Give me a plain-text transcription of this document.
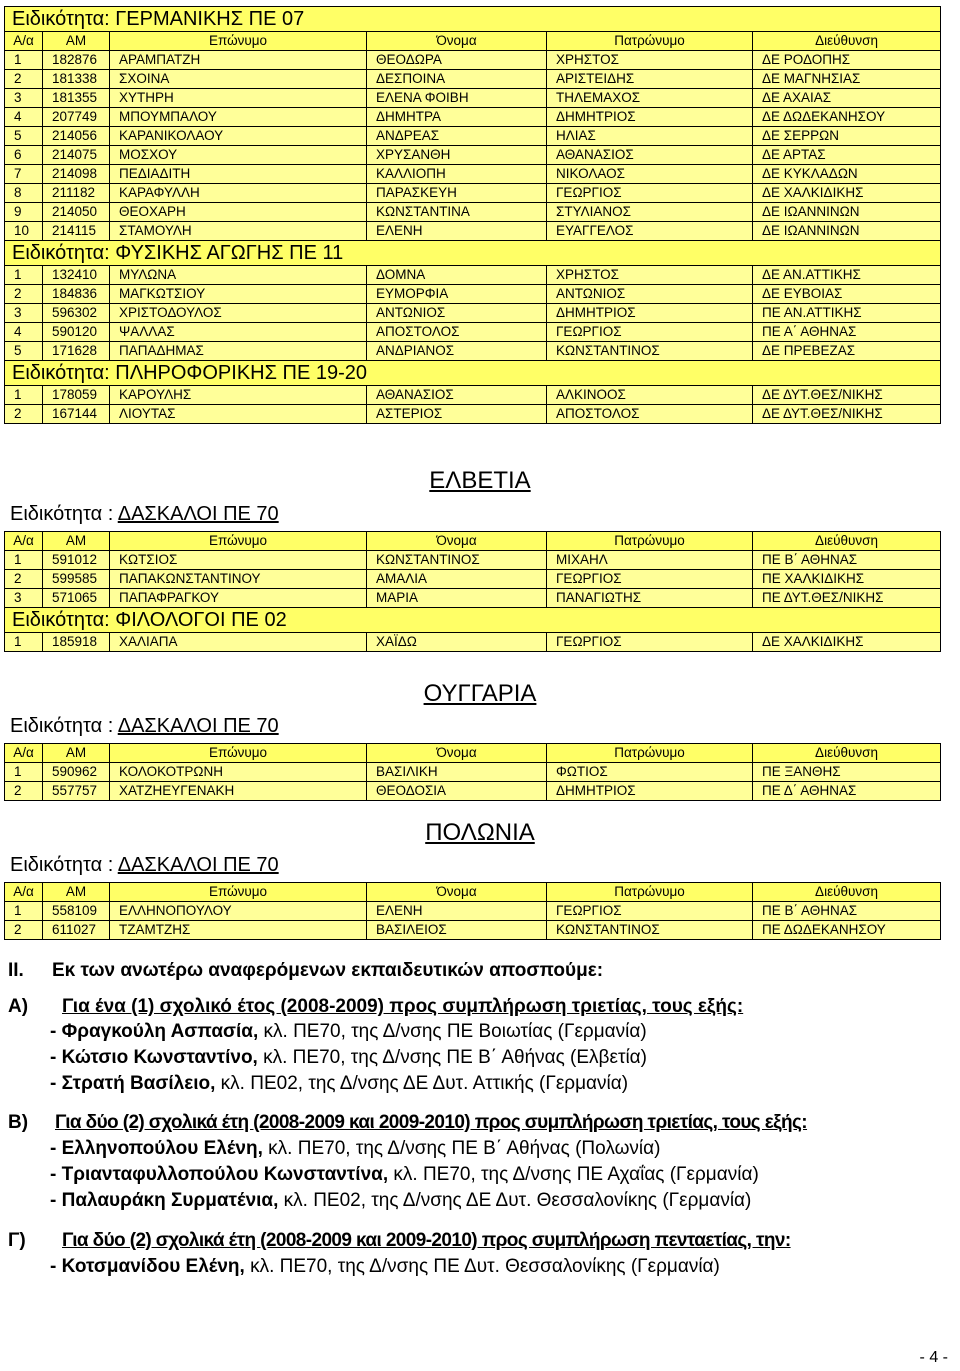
Ειδικότητα: ΓΕΡΜΑΝΙΚΗΣ ΠΕ 07					
Α/α	ΑΜ	Επώνυμο	Όνομα	Πατρώνυμο	Διεύθυνση
1	182876	ΑΡΑΜΠΑΤΖΗ	ΘΕΟΔΩΡΑ	ΧΡΗΣΤΟΣ	ΔΕ ΡΟΔΟΠΗΣ
2	181338	ΣΧΟΙΝΑ	ΔΕΣΠΟΙΝΑ	ΑΡΙΣΤΕΙΔΗΣ	ΔΕ ΜΑΓΝΗΣΙΑΣ
3	181355	ΧΥΤΗΡΗ	ΕΛΕΝΑ ΦΟΙΒΗ	ΤΗΛΕΜΑΧΟΣ	ΔΕ ΑΧΑΙΑΣ
4	207749	ΜΠΟΥΜΠΑΛΟΥ	ΔΗΜΗΤΡΑ	ΔΗΜΗΤΡΙΟΣ	ΔΕ ΔΩΔΕΚΑΝΗΣΟΥ
5	214056	ΚΑΡΑΝΙΚΟΛΑΟΥ	ΑΝΔΡΕΑΣ	ΗΛΙΑΣ	ΔΕ ΣΕΡΡΩΝ
6	214075	ΜΟΣΧΟΥ	ΧΡΥΣΑΝΘΗ	ΑΘΑΝΑΣΙΟΣ	ΔΕ ΑΡΤΑΣ
7	214098	ΠΕΔΙΑΔΙΤΗ	ΚΑΛΛΙΟΠΗ	ΝΙΚΟΛΑΟΣ	ΔΕ ΚΥΚΛΑΔΩΝ
8	211182	ΚΑΡΑΦΥΛΛΗ	ΠΑΡΑΣΚΕΥΗ	ΓΕΩΡΓΙΟΣ	ΔΕ ΧΑΛΚΙΔΙΚΗΣ
9	214050	ΘΕΟΧΑΡΗ	ΚΩΝΣΤΑΝΤΙΝΑ	ΣΤΥΛΙΑΝΟΣ	ΔΕ ΙΩΑΝΝΙΝΩΝ
10	214115	ΣΤΑΜΟΥΛΗ	ΕΛΕΝΗ	ΕΥΑΓΓΕΛΟΣ	ΔΕ ΙΩΑΝΝΙΝΩΝ
Ειδικότητα: ΦΥΣΙΚΗΣ ΑΓΩΓΗΣ ΠΕ 11					
1	132410	ΜΥΛΩΝΑ	ΔΟΜΝΑ	ΧΡΗΣΤΟΣ	ΔΕ ΑΝ.ΑΤΤΙΚΗΣ
2	184836	ΜΑΓΚΩΤΣΙΟΥ	ΕΥΜΟΡΦΙΑ	ΑΝΤΩΝΙΟΣ	ΔΕ ΕΥΒΟΙΑΣ
3	596302	ΧΡΙΣΤΟΔΟΥΛΟΣ	ΑΝΤΩΝΙΟΣ	ΔΗΜΗΤΡΙΟΣ	ΠΕ ΑΝ.ΑΤΤΙΚΗΣ
4	590120	ΨΑΛΛΑΣ	ΑΠΟΣΤΟΛΟΣ	ΓΕΩΡΓΙΟΣ	ΠΕ Α΄ ΑΘΗΝΑΣ
5	171628	ΠΑΠΑΔΗΜΑΣ	ΑΝΔΡΙΑΝΟΣ	ΚΩΝΣΤΑΝΤΙΝΟΣ	ΔΕ ΠΡΕΒΕΖΑΣ
Ειδικότητα: ΠΛΗΡΟΦΟΡΙΚΗΣ ΠΕ 19-20					
1	178059	ΚΑΡΟΥΛΗΣ	ΑΘΑΝΑΣΙΟΣ	ΑΛΚΙΝΟΟΣ	ΔΕ ΔΥΤ.ΘΕΣ/ΝΙΚΗΣ
2	167144	ΛΙΟΥΤΑΣ	ΑΣΤΕΡΙΟΣ	ΑΠΟΣΤΟΛΟΣ	ΔΕ ΔΥΤ.ΘΕΣ/ΝΙΚΗΣ
ΕΛΒΕΤΙΑ
Ειδικότητα : ΔΑΣΚΑΛΟΙ ΠΕ 70
Α/α	ΑΜ	Επώνυμο	Όνομα	Πατρώνυμο	Διεύθυνση
1	591012	ΚΩΤΣΙΟΣ	ΚΩΝΣΤΑΝΤΙΝΟΣ	ΜΙΧΑΗΛ	ΠΕ Β΄ ΑΘΗΝΑΣ
2	599585	ΠΑΠΑΚΩΝΣΤΑΝΤΙΝΟΥ	ΑΜΑΛΙΑ	ΓΕΩΡΓΙΟΣ	ΠΕ ΧΑΛΚΙΔΙΚΗΣ
3	571065	ΠΑΠΑΦΡΑΓΚΟΥ	ΜΑΡΙΑ	ΠΑΝΑΓΙΩΤΗΣ	ΠΕ ΔΥΤ.ΘΕΣ/ΝΙΚΗΣ
Ειδικότητα: ΦΙΛΟΛΟΓΟΙ ΠΕ 02					
1	185918	ΧΑΛΙΑΠΑ	ΧΑΪΔΩ	ΓΕΩΡΓΙΟΣ	ΔΕ ΧΑΛΚΙΔΙΚΗΣ
ΟΥΓΓΑΡΙΑ
Ειδικότητα : ΔΑΣΚΑΛΟΙ ΠΕ 70
Α/α	ΑΜ	Επώνυμο	Όνομα	Πατρώνυμο	Διεύθυνση
1	590962	ΚΟΛΟΚΟΤΡΩΝΗ	ΒΑΣΙΛΙΚΗ	ΦΩΤΙΟΣ	ΠΕ ΞΑΝΘΗΣ
2	557757	ΧΑΤΖΗΕΥΓΕΝΑΚΗ	ΘΕΟΔΟΣΙΑ	ΔΗΜΗΤΡΙΟΣ	ΠΕ Δ΄ ΑΘΗΝΑΣ
ΠΟΛΩΝΙΑ
Ειδικότητα : ΔΑΣΚΑΛΟΙ ΠΕ 70
Α/α	ΑΜ	Επώνυμο	Όνομα	Πατρώνυμο	Διεύθυνση
1	558109	ΕΛΛΗΝΟΠΟΥΛΟΥ	ΕΛΕΝΗ	ΓΕΩΡΓΙΟΣ	ΠΕ Β΄ ΑΘΗΝΑΣ
2	611027	ΤΖΑΜΤΖΗΣ	ΒΑΣΙΛΕΙΟΣ	ΚΩΝΣΤΑΝΤΙΝΟΣ	ΠΕ ΔΩΔΕΚΑΝΗΣΟΥ
ΙΙ. Εκ των ανωτέρω αναφερόμενων εκπαιδευτικών αποσπούμε:
Α) Για ένα (1) σχολικό έτος (2008-2009) προς συμπλήρωση τριετίας, τους εξής:
- Φραγκούλη Ασπασία, κλ. ΠΕ70, της Δ/νσης ΠΕ Βοιωτίας (Γερμανία)
- Κώτσιο Κωνσταντίνο, κλ. ΠΕ70, της Δ/νσης ΠΕ Β΄ Αθήνας (Ελβετία)
- Στρατή Βασίλειο, κλ. ΠΕ02, της Δ/νσης ΔΕ Δυτ. Αττικής (Γερμανία)
Β) Για δύο (2) σχολικά έτη (2008-2009 και 2009-2010) προς συμπλήρωση τριετίας, τους εξής:
- Ελληνοπούλου Ελένη, κλ. ΠΕ70, της Δ/νσης ΠΕ Β΄ Αθήνας (Πολωνία)
- Τριανταφυλλοπούλου Κωνσταντίνα, κλ. ΠΕ70, της Δ/νσης ΠΕ Αχαΐας (Γερμανία)
- Παλαυράκη Συρματένια, κλ. ΠΕ02, της Δ/νσης ΔΕ Δυτ. Θεσσαλονίκης (Γερμανία)
Γ) Για δύο (2) σχολικά έτη (2008-2009 και 2009-2010) προς συμπλήρωση πενταετίας, την:
- Κοτσμανίδου Ελένη, κλ. ΠΕ70, της Δ/νσης ΠΕ Δυτ. Θεσσαλονίκης (Γερμανία)
- 4 -
